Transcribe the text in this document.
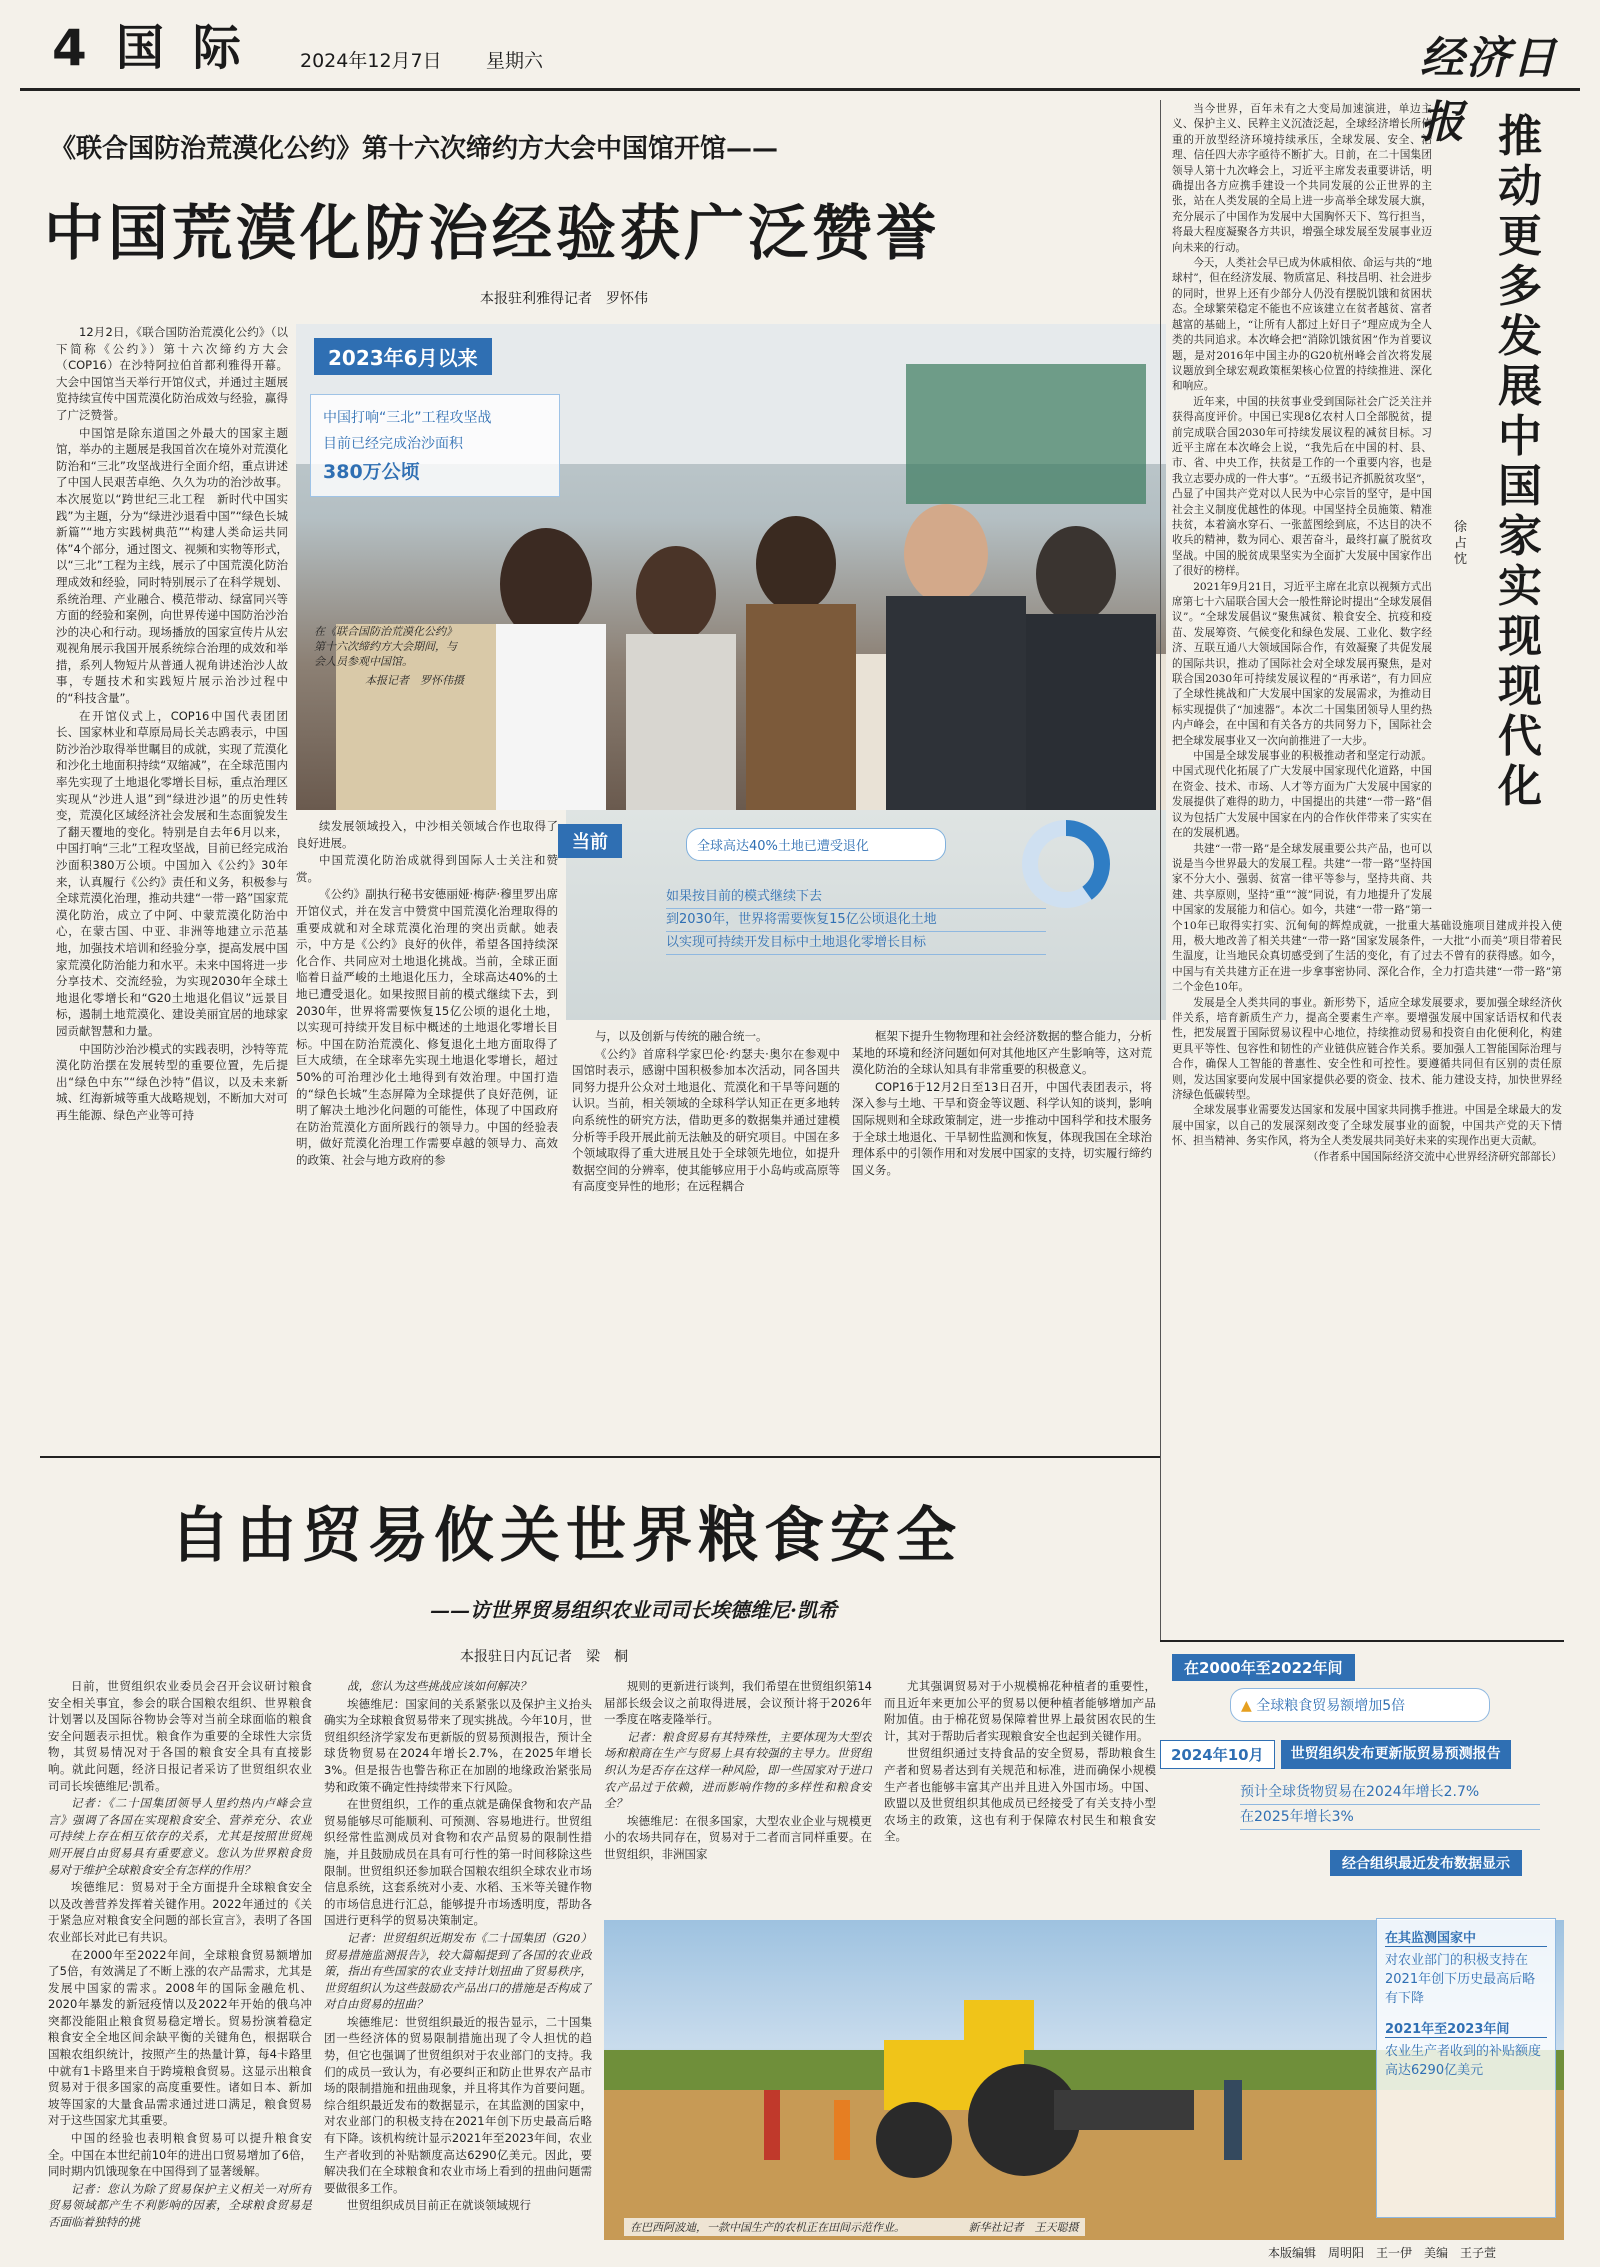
4 国 际	2024年12月7日 星期六	经济日报
《联合国防治荒漠化公约》第十六次缔约方大会中国馆开馆——
中国荒漠化防治经验获广泛赞誉
本报驻利雅得记者　罗怀伟

12月2日，《联合国防治荒漠化公约》（以下简称《公约》）第十六次缔约方大会（COP16）在沙特阿拉伯首都利雅得开幕。大会中国馆当天举行开馆仪式，并通过主题展览持续宣传中国荒漠化防治成效与经验，赢得了广泛赞誉。

中国馆是除东道国之外最大的国家主题馆，举办的主题展是我国首次在境外对荒漠化防治和“三北”攻坚战进行全面介绍，重点讲述了中国人民艰苦卓绝、久久为功的治沙故事。本次展览以“跨世纪三北工程　新时代中国实践”为主题，分为“绿进沙退看中国”“绿色长城新篇”“地方实践树典范”“构建人类命运共同体”4个部分，通过图文、视频和实物等形式，以“三北”工程为主线，展示了中国荒漠化防治理成效和经验，同时特别展示了在科学规划、系统治理、产业融合、模范带动、绿富同兴等方面的经验和案例，向世界传递中国防治沙治沙的决心和行动。现场播放的国家宣传片从宏观视角展示我国开展系统综合治理的成效和举措，系列人物短片从普通人视角讲述治沙人故事，专题技术和实践短片展示治沙过程中的“科技含量”。

在开馆仪式上，COP16中国代表团团长、国家林业和草原局局长关志鸥表示，中国防沙治沙取得举世瞩目的成就，实现了荒漠化和沙化土地面积持续“双缩减”，在全球范围内率先实现了土地退化零增长目标，重点治理区实现从“沙进人退”到“绿进沙退”的历史性转变，荒漠化区域经济社会发展和生态面貌发生了翻天覆地的变化。特别是自去年6月以来，中国打响“三北”工程攻坚战，目前已经完成治沙面积380万公顷。中国加入《公约》30年来，认真履行《公约》责任和义务，积极参与全球荒漠化治理，推动共建“一带一路”国家荒漠化防治，成立了中阿、中蒙荒漠化防治中心，在蒙古国、中亚、非洲等地建立示范基地，加强技术培训和经验分享，提高发展中国家荒漠化防治能力和水平。未来中国将进一步分享技术、交流经验，为实现2030年全球土地退化零增长和“G20土地退化倡议”远景目标，遏制土地荒漠化、建设美丽宜居的地球家园贡献智慧和力量。

中国防沙治沙模式的实践表明，沙特等荒漠化防治摆在发展转型的重要位置，先后提出“绿色中东”“绿色沙特”倡议，以及未来新城、红海新城等重大战略规划，不断加大对可再生能源、绿色产业等可持

2023年6月以来
中国打响“三北”工程攻坚战
目前已经完成治沙面积
380万公顷
在《联合国防治荒漠化公约》第十六次缔约方大会期间，与会人员参观中国馆。
本报记者　罗怀伟摄

续发展领域投入，中沙相关领域合作也取得了良好进展。

中国荒漠化防治成就得到国际人士关注和赞赏。

《公约》副执行秘书安德丽娅·梅萨·穆里罗出席开馆仪式，并在发言中赞赏中国荒漠化治理取得的重要成就和对全球荒漠化治理的突出贡献。她表示，中方是《公约》良好的伙伴，希望各国持续深化合作、共同应对土地退化挑战。当前，全球正面临着日益严峻的土地退化压力，全球高达40%的土地已遭受退化。如果按照目前的模式继续下去，到2030年，世界将需要恢复15亿公顷的退化土地，以实现可持续开发目标中概述的土地退化零增长目标。中国在防治荒漠化、修复退化土地方面取得了巨大成绩，在全球率先实现土地退化零增长，超过50%的可治理沙化土地得到有效治理。中国打造的“绿色长城”生态屏障为全球提供了良好范例，证明了解决土地沙化问题的可能性，体现了中国政府在防治荒漠化方面所践行的领导力。中国的经验表明，做好荒漠化治理工作需要卓越的领导力、高效的政策、社会与地方政府的参

当前	全球高达40%土地已遭受退化
如果按目前的模式继续下去
到2030年，世界将需要恢复15亿公顷退化土地
以实现可持续开发目标中土地退化零增长目标

与，以及创新与传统的融合统一。

《公约》首席科学家巴伦·约瑟夫·奥尔在参观中国馆时表示，感谢中国积极参加本次活动，同各国共同努力提升公众对土地退化、荒漠化和干旱等问题的认识。当前，相关领域的全球科学认知正在更多地转向系统性的研究方法，借助更多的数据集并通过建模分析等手段开展此前无法触及的研究项目。中国在多个领域取得了重大进展且处于全球领先地位，如提升数据空间的分辨率，使其能够应用于小岛屿或高原等有高度变异性的地形；在远程耦合

框架下提升生物物理和社会经济数据的整合能力，分析某地的环境和经济问题如何对其他地区产生影响等，这对荒漠化防治的全球认知具有非常重要的积极意义。

COP16于12月2日至13日召开，中国代表团表示，将深入参与土地、干旱和资金等议题、科学认知的谈判，影响国际规则和全球政策制定，进一步推动中国科学和技术服务于全球土地退化、干旱韧性监测和恢复，体现我国在全球治理体系中的引领作用和对发展中国家的支持，切实履行缔约国义务。

自由贸易攸关世界粮食安全
——访世界贸易组织农业司司长埃德维尼·凯希
本报驻日内瓦记者　梁　桐

日前，世贸组织农业委员会召开会议研讨粮食安全相关事宜，参会的联合国粮农组织、世界粮食计划署以及国际谷物协会等对当前全球面临的粮食安全问题表示担忧。粮食作为重要的全球性大宗货物，其贸易情况对于各国的粮食安全具有直接影响。就此问题，经济日报记者采访了世贸组织农业司司长埃德维尼·凯希。

记者：《二十国集团领导人里约热内卢峰会宣言》强调了各国在实现粮食安全、营养充分、农业可持续上存在相互依存的关系，尤其是按照世贸规则开展自由贸易具有重要意义。您认为世界粮食贸易对于维护全球粮食安全有怎样的作用？

埃德维尼：贸易对于全方面提升全球粮食安全以及改善营养发挥着关键作用。2022年通过的《关于紧急应对粮食安全问题的部长宣言》，表明了各国农业部长对此已有共识。

在2000年至2022年间，全球粮食贸易额增加了5倍，有效满足了不断上涨的农产品需求，尤其是发展中国家的需求。2008年的国际金融危机、2020年暴发的新冠疫情以及2022年开始的俄乌冲突都没能阻止粮食贸易稳定增长。贸易扮演着稳定粮食安全全地区间余缺平衡的关键角色，根据联合国粮农组织统计，按照产生的热量计算，每4卡路里中就有1卡路里来自于跨境粮食贸易。这显示出粮食贸易对于很多国家的高度重要性。诸如日本、新加坡等国家的大量食品需求通过进口满足，粮食贸易对于这些国家尤其重要。

中国的经验也表明粮食贸易可以提升粮食安全。中国在本世纪前10年的进出口贸易增加了6倍，同时期内饥饿现象在中国得到了显著缓解。

记者：您认为除了贸易保护主义相关一对所有贸易领域都产生不利影响的因素，全球粮食贸易是否面临着独特的挑

战，您认为这些挑战应该如何解决？

埃德维尼：国家间的关系紧张以及保护主义抬头确实为全球粮食贸易带来了现实挑战。今年10月，世贸组织经济学家发布更新版的贸易预测报告，预计全球货物贸易在2024年增长2.7%，在2025年增长3%。但是报告也警告称正在加剧的地缘政治紧张局势和政策不确定性持续带来下行风险。

在世贸组织，工作的重点就是确保食物和农产品贸易能够尽可能顺利、可预测、容易地进行。世贸组织经常性监测成员对食物和农产品贸易的限制性措施，并且鼓励成员在具有可行性的第一时间移除这些限制。世贸组织还参加联合国粮农组织全球农业市场信息系统，这套系统对小麦、水稻、玉米等关键作物的市场信息进行汇总，能够提升市场透明度，帮助各国进行更科学的贸易决策制定。

记者：世贸组织近期发布《二十国集团（G20）贸易措施监测报告》，较大篇幅提到了各国的农业政策，指出有些国家的农业支持计划扭曲了贸易秩序，世贸组织认为这些鼓励农产品出口的措施是否构成了对自由贸易的扭曲？

埃德维尼：世贸组织最近的报告显示，二十国集团一些经济体的贸易限制措施出现了令人担忧的趋势，但它也强调了世贸组织对于农业部门的支持。我们的成员一致认为，有必要纠正和防止世界农产品市场的限制措施和扭曲现象，并且将其作为首要问题。综合组织最近发布的数据显示，在其监测的国家中，对农业部门的积极支持在2021年创下历史最高后略有下降。该机构统计显示2021年至2023年间，农业生产者收到的补贴额度高达6290亿美元。因此，要解决我们在全球粮食和农业市场上看到的扭曲问题需要做很多工作。

世贸组织成员目前正在就谈领域规行

规则的更新进行谈判，我们希望在世贸组织第14届部长级会议之前取得进展，会议预计将于2026年一季度在喀麦隆举行。

记者：粮食贸易有其特殊性，主要体现为大型农场和粮商在生产与贸易上具有较强的主导力。世贸组织认为是否存在这样一种风险，即一些国家对于进口农产品过于依赖，进而影响作物的多样性和粮食安全？

埃德维尼：在很多国家，大型农业企业与规模更小的农场共同存在，贸易对于二者而言同样重要。在世贸组织，非洲国家

尤其强调贸易对于小规模棉花种植者的重要性，而且近年来更加公平的贸易以便种植者能够增加产品附加值。由于棉花贸易保障着世界上最贫困农民的生计，其对于帮助后者实现粮食安全也起到关键作用。

世贸组织通过支持食品的安全贸易，帮助粮食生产者和贸易者达到有关规范和标准，进而确保小规模生产者也能够丰富其产出并且进入外国市场。中国、欧盟以及世贸组织其他成员已经接受了有关支持小型农场主的政策，这也有利于保障农村民生和粮食安全。

在巴西阿波迪，一款中国生产的农机正在田间示范作业。	新华社记者　王天聪摄
在2000年至2022年间
▲ 全球粮食贸易额增加5倍
2024年10月	世贸组织发布更新版贸易预测报告
预计全球货物贸易在2024年增长2.7%
在2025年增长3%
经合组织最近发布数据显示
在其监测国家中
对农业部门的积极支持在2021年创下历史最高后略有下降
2021年至2023年间
农业生产者收到的补贴额度高达6290亿美元
推动更多发展中国家实现现代化
徐占忱

当今世界，百年未有之大变局加速演进，单边主义、保护主义、民粹主义沉渣泛起，全球经济增长所倚重的开放型经济环境持续承压，全球发展、安全、治理、信任四大赤字亟待不断扩大。日前，在二十国集团领导人第十九次峰会上，习近平主席发表重要讲话，明确提出各方应携手建设一个共同发展的公正世界的主张，站在人类发展的全局上进一步高举全球发展大旗，充分展示了中国作为发展中大国胸怀天下、笃行担当，将最大程度凝聚各方共识，增强全球发展至发展事业迈向未来的行动。

今天，人类社会早已成为休戚相依、命运与共的“地球村”，但在经济发展、物质富足、科技昌明、社会进步的同时，世界上还有少部分人仍没有摆脱饥饿和贫困状态。全球繁荣稳定不能也不应该建立在贫者越贫、富者越富的基础上，“让所有人都过上好日子”理应成为全人类的共同追求。本次峰会把“消除饥饿贫困”作为首要议题，是对2016年中国主办的G20杭州峰会首次将发展议题放到全球宏观政策框架核心位置的持续推进、深化和响应。

近年来，中国的扶贫事业受到国际社会广泛关注并获得高度评价。中国已实现8亿农村人口全部脱贫，提前完成联合国2030年可持续发展议程的减贫目标。习近平主席在本次峰会上说，“我先后在中国的村、县、市、省、中央工作，扶贫是工作的一个重要内容，也是我立志要办成的一件大事”。“五级书记齐抓脱贫攻坚”，凸显了中国共产党对以人民为中心宗旨的坚守，是中国社会主义制度优越性的体现。中国坚持全员施策、精准扶贫，本着滴水穿石、一张蓝图绘到底，不达目的决不收兵的精神，数为同心、艰苦奋斗，最终打赢了脱贫攻坚战。中国的脱贫成果坚实为全面扩大发展中国家作出了很好的榜样。

2021年9月21日，习近平主席在北京以视频方式出席第七十六届联合国大会一般性辩论时提出“全球发展倡议”。“全球发展倡议”聚焦减贫、粮食安全、抗疫和疫苗、发展筹资、气候变化和绿色发展、工业化、数字经济、互联互通八大领域国际合作，有效凝聚了共促发展的国际共识，推动了国际社会对全球发展再聚焦，是对联合国2030年可持续发展议程的“再承诺”，有力回应了全球性挑战和广大发展中国家的发展需求，为推动目标实现提供了“加速器”。本次二十国集团领导人里约热内卢峰会，在中国和有关各方的共同努力下，国际社会把全球发展事业又一次向前推进了一大步。

中国是全球发展事业的积极推动者和坚定行动派。中国式现代化拓展了广大发展中国家现代化道路，中国在资金、技术、市场、人才等方面为广大发展中国家的发展提供了难得的助力，中国提出的共建“一带一路”倡议为包括广大发展中国家在内的合作伙伴带来了实实在在的发展机遇。

共建“一带一路”是全球发展重要公共产品，也可以说是当今世界最大的发展工程。共建“一带一路”坚持国家不分大小、强弱、贫富一律平等参与，坚持共商、共建、共享原则，坚持“重”“渡”同说，有力地提升了发展中国家的发展能力和信心。如今，共建“一带一路”第一个10年已取得实打实、沉甸甸的辉煌成就，一批重大基础设施项目建成并投入使用，极大地改善了相关共建“一带一路”国家发展条件，一大批“小而美”项目带着民生温度，让当地民众真切感受到了生活的变化，有了过去不曾有的获得感。如今，中国与有关共建方正在进一步拿事密协同、深化合作，全力打造共建“一带一路”第二个金色10年。

发展是全人类共同的事业。新形势下，适应全球发展要求，要加强全球经济伙伴关系，培育新质生产力，提高全要素生产率。要增强发展中国家话语权和代表性，把发展置于国际贸易议程中心地位，持续推动贸易和投资自由化便利化，构建更具平等性、包容性和韧性的产业链供应链合作关系。要加强人工智能国际治理与合作，确保人工智能的普惠性、安全性和可控性。要遵循共同但有区别的责任原则，发达国家要向发展中国家提供必要的资金、技术、能力建设支持，加快世界经济绿色低碳转型。

全球发展事业需要发达国家和发展中国家共同携手推进。中国是全球最大的发展中国家，以自己的发展深刻改变了全球发展事业的面貌，中国共产党的天下情怀、担当精神、务实作风，将为全人类发展共同美好未来的实现作出更大贡献。

（作者系中国国际经济交流中心世界经济研究部部长）

本版编辑　周明阳　王一伊　美编　王子萱
